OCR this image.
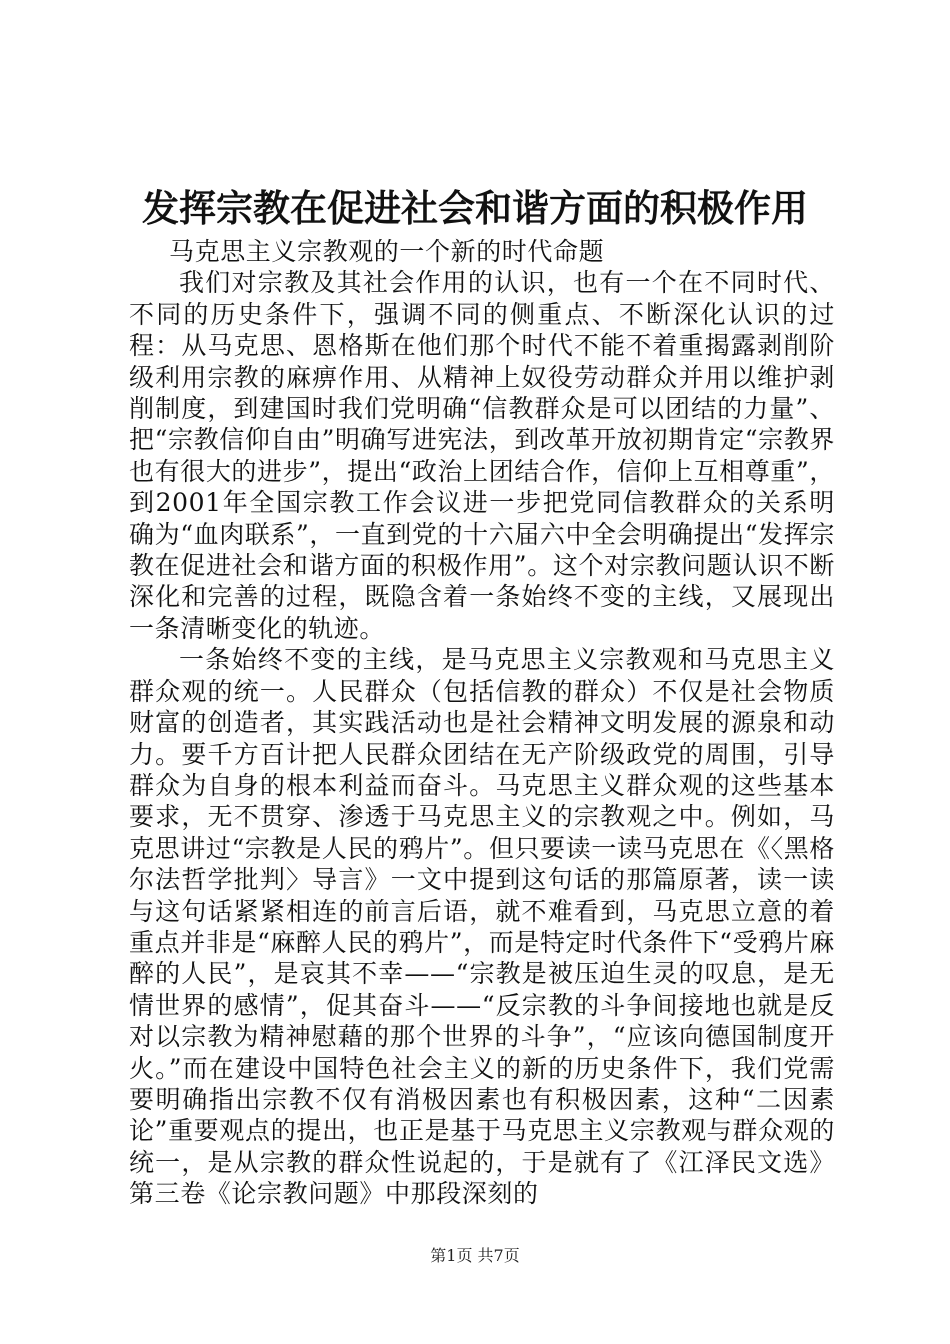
发挥宗教在促进社会和谐方面的积极作用

马克思主义宗教观的一个新的时代命题

我们对宗教及其社会作用的认识，也有一个在不同时代、不同的历史条件下，强调不同的侧重点、不断深化认识的过程：从马克思、恩格斯在他们那个时代不能不着重揭露剥削阶级利用宗教的麻痹作用、从精神上奴役劳动群众并用以维护剥削制度，到建国时我们党明确“信教群众是可以团结的力量”、把“宗教信仰自由”明确写进宪法，到改革开放初期肯定“宗教界也有很大的进步”，提出“政治上团结合作，信仰上互相尊重”，到2001年全国宗教工作会议进一步把党同信教群众的关系明确为“血肉联系”，一直到党的十六届六中全会明确提出“发挥宗教在促进社会和谐方面的积极作用”。这个对宗教问题认识不断深化和完善的过程，既隐含着一条始终不变的主线，又展现出一条清晰变化的轨迹。

一条始终不变的主线，是马克思主义宗教观和马克思主义群众观的统一。人民群众（包括信教的群众）不仅是社会物质财富的创造者，其实践活动也是社会精神文明发展的源泉和动力。要千方百计把人民群众团结在无产阶级政党的周围，引导群众为自身的根本利益而奋斗。马克思主义群众观的这些基本要求，无不贯穿、渗透于马克思主义的宗教观之中。例如，马克思讲过“宗教是人民的鸦片”。但只要读一读马克思在《〈黑格尔法哲学批判〉导言》一文中提到这句话的那篇原著，读一读与这句话紧紧相连的前言后语，就不难看到，马克思立意的着重点并非是“麻醉人民的鸦片”，而是特定时代条件下“受鸦片麻醉的人民”，是哀其不幸——“宗教是被压迫生灵的叹息，是无情世界的感情”，促其奋斗——“反宗教的斗争间接地也就是反对以宗教为精神慰藉的那个世界的斗争”，“应该向德国制度开火。”而在建设中国特色社会主义的新的历史条件下，我们党需要明确指出宗教不仅有消极因素也有积极因素，这种“二因素论”重要观点的提出，也正是基于马克思主义宗教观与群众观的统一，是从宗教的群众性说起的，于是就有了《江泽民文选》第三卷《论宗教问题》中那段深刻的

第1页 共7页
